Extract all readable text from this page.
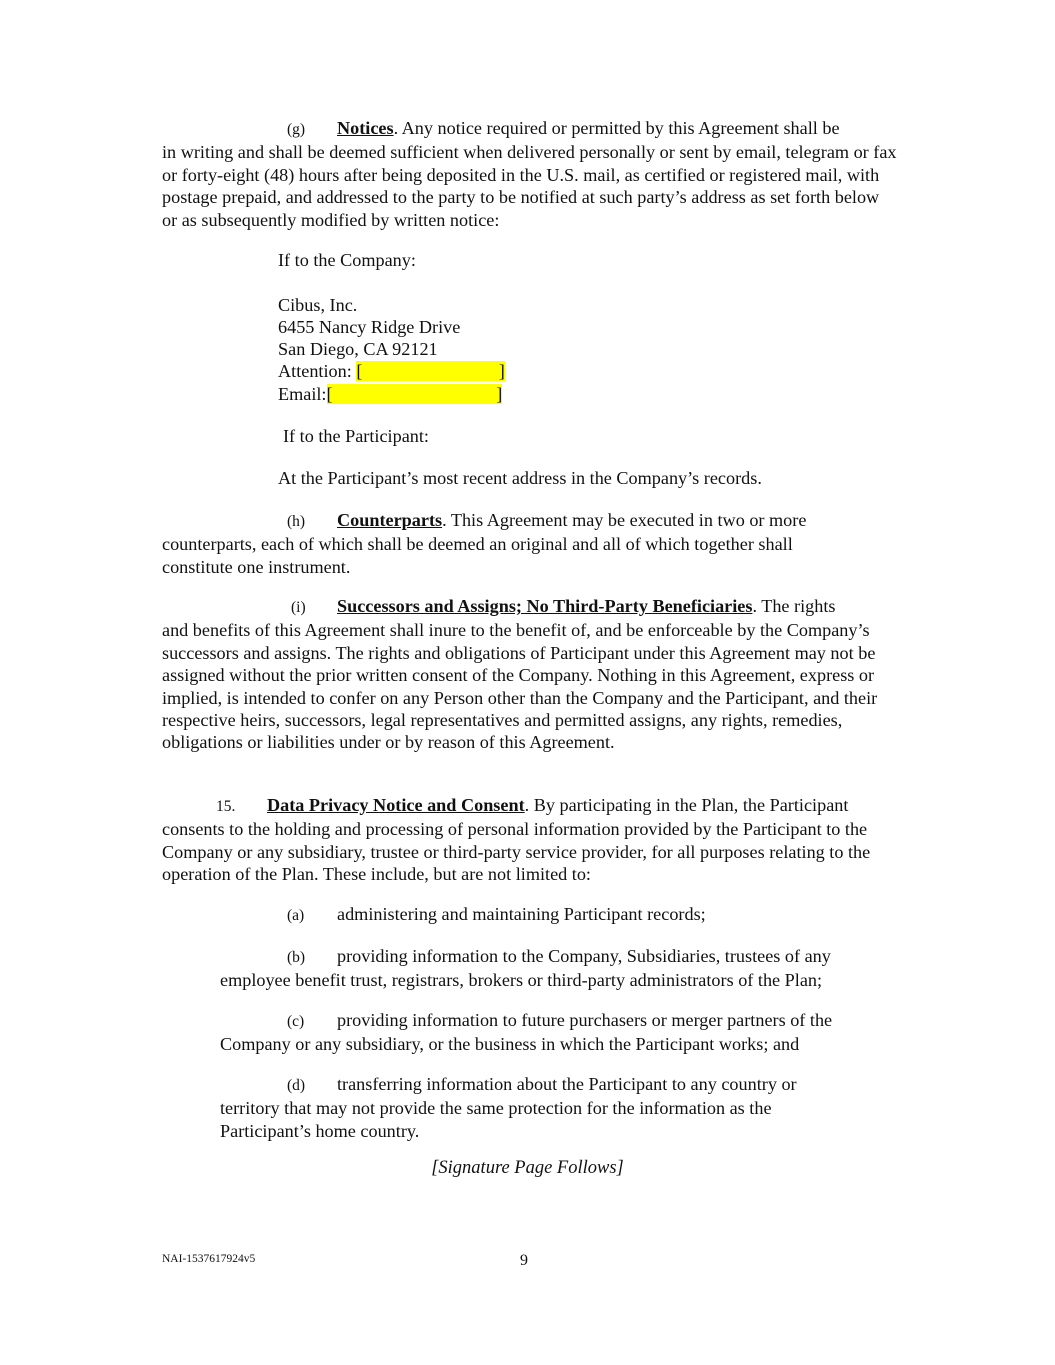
(g) Notices. Any notice required or permitted by this Agreement shall be
in writing and shall be deemed sufficient when delivered personally or sent by email, telegram or fax or forty-eight (48) hours after being deposited in the U.S. mail, as certified or registered mail, with postage prepaid, and addressed to the party to be notified at such party’s address as set forth below or as subsequently modified by written notice:

If to the Company:

Cibus, Inc.

6455 Nancy Ridge Drive

San Diego, CA 92121

Attention: [                              ]

Email:[                                    ]

If to the Participant:

At the Participant’s most recent address in the Company’s records.

(h) Counterparts. This Agreement may be executed in two or more
counterparts, each of which shall be deemed an original and all of which together shall constitute one instrument.
(i) Successors and Assigns; No Third-Party Beneficiaries. The rights
and benefits of this Agreement shall inure to the benefit of, and be enforceable by the Company’s successors and assigns. The rights and obligations of Participant under this Agreement may not be assigned without the prior written consent of the Company. Nothing in this Agreement, express or implied, is intended to confer on any Person other than the Company and the Participant, and their respective heirs, successors, legal representatives and permitted assigns, any rights, remedies, obligations or liabilities under or by reason of this Agreement.
15. Data Privacy Notice and Consent. By participating in the Plan, the Participant
consents to the holding and processing of personal information provided by the Participant to the Company or any subsidiary, trustee or third-party service provider, for all purposes relating to the operation of the Plan. These include, but are not limited to:
(a) administering and maintaining Participant records;
(b) providing information to the Company, Subsidiaries, trustees of any
employee benefit trust, registrars, brokers or third-party administrators of the Plan;
(c) providing information to future purchasers or merger partners of the
Company or any subsidiary, or the business in which the Participant works; and
(d) transferring information about the Participant to any country or
territory that may not provide the same protection for the information as the Participant’s home country.
[Signature Page Follows]
NAI-1537617924v5	9
